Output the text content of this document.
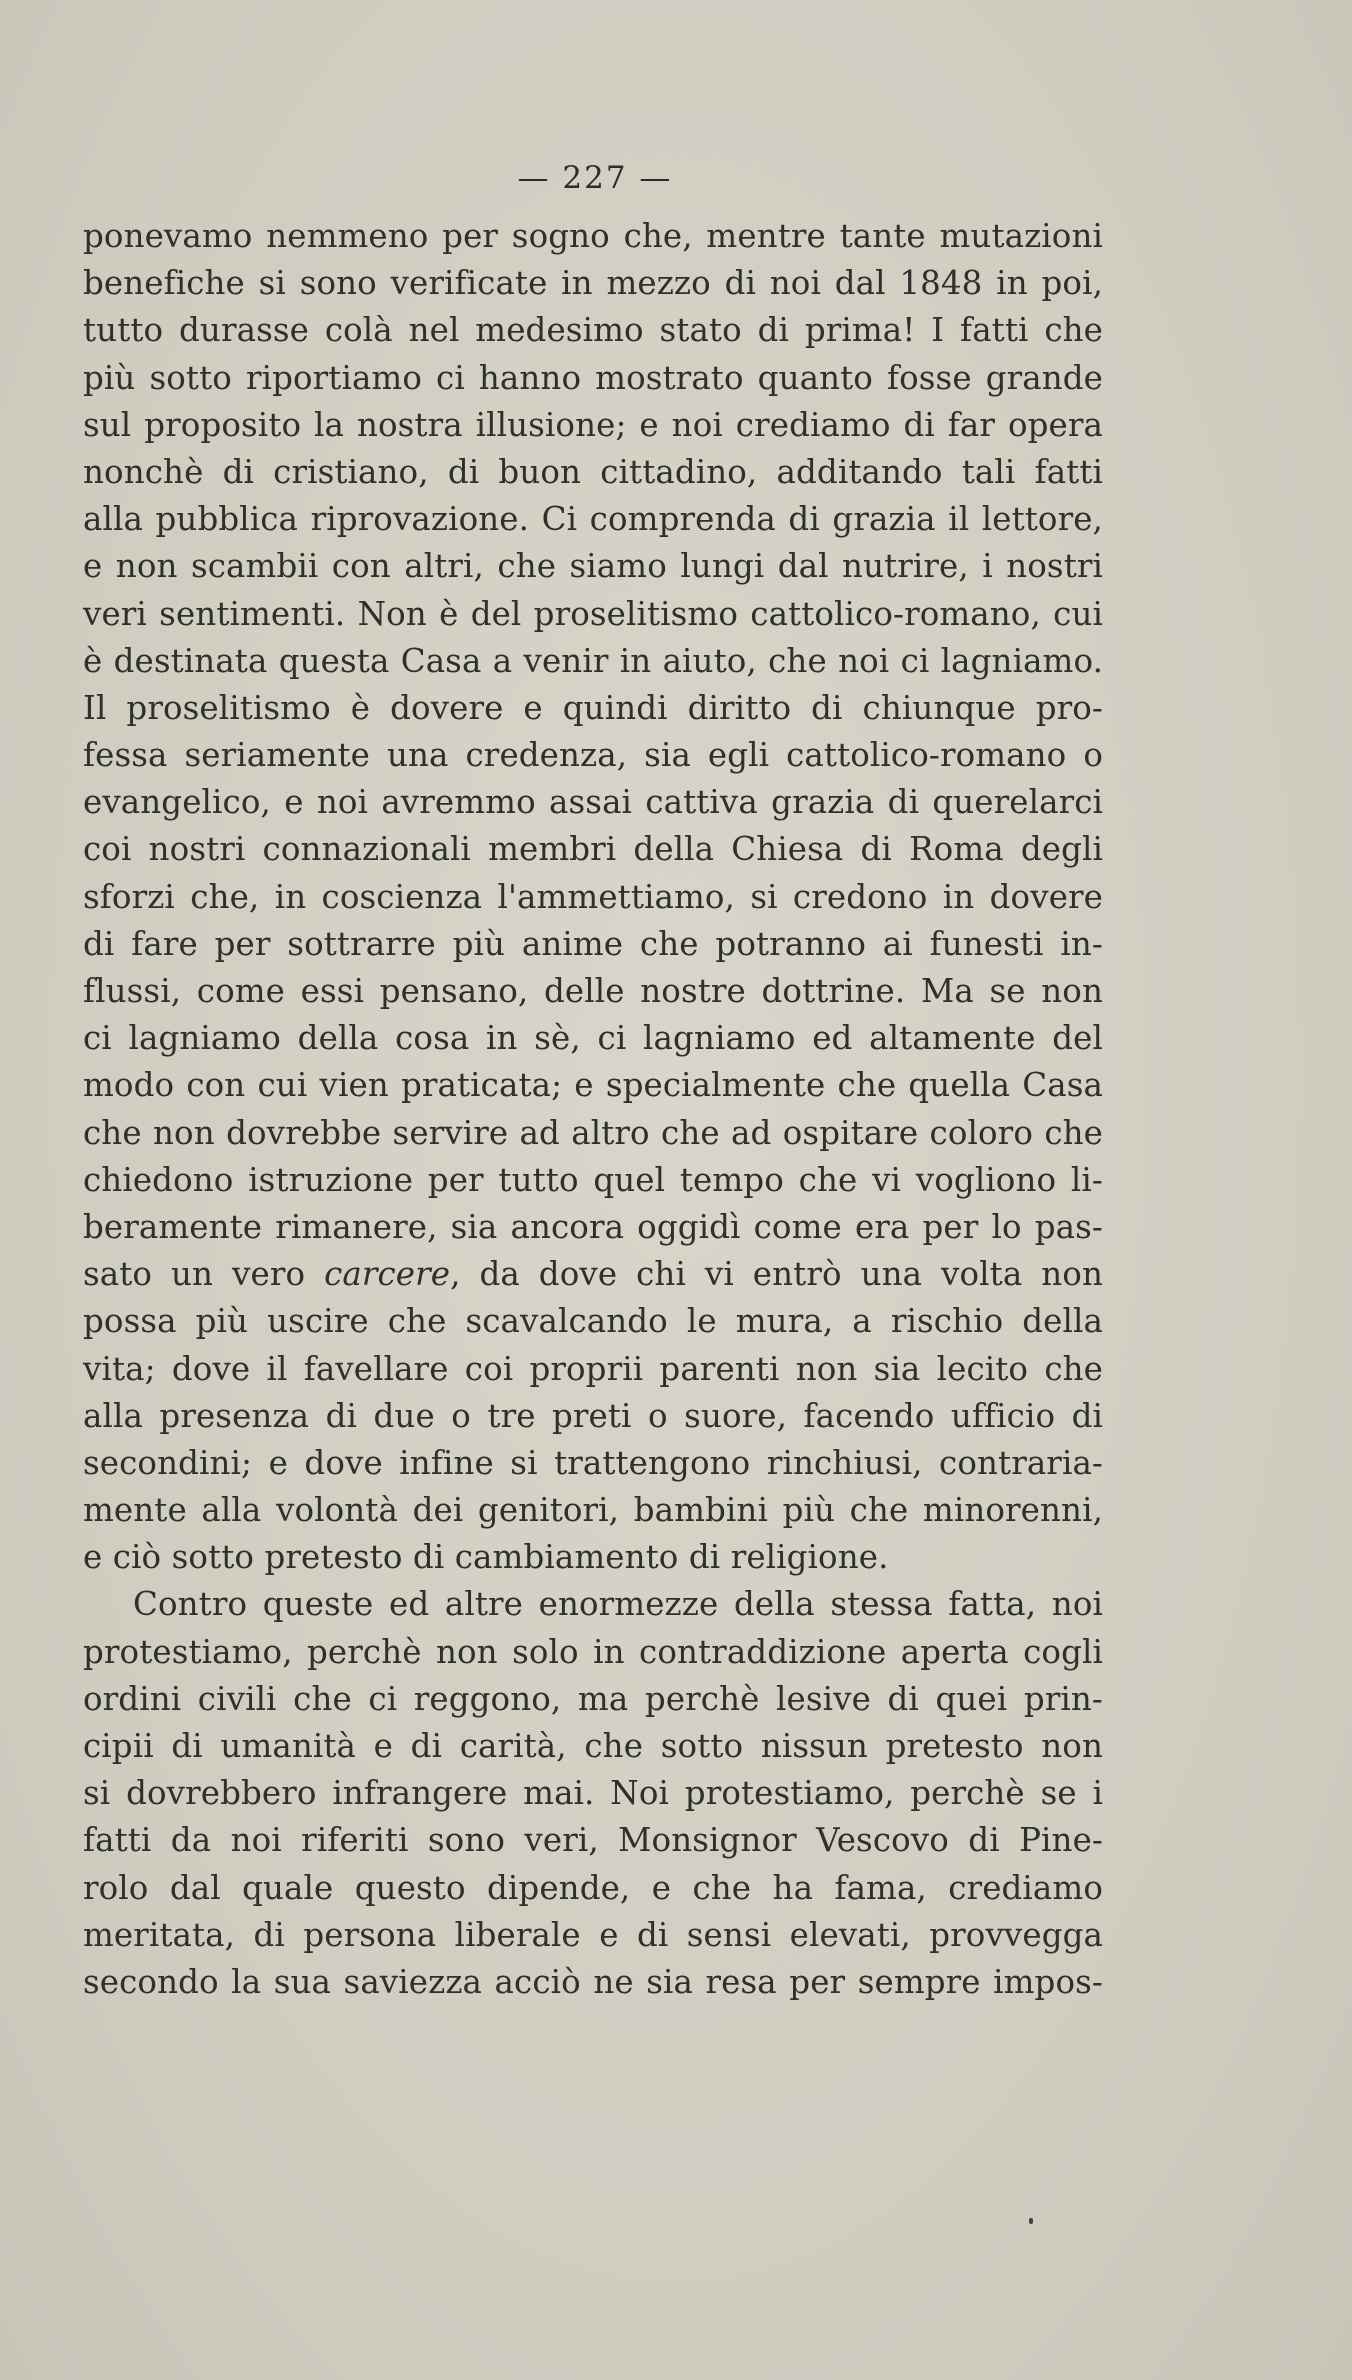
— 227 —
ponevamo nemmeno per sogno che, mentre tante mutazioni
benefiche si sono verificate in mezzo di noi dal 1848 in poi,
tutto durasse colà nel medesimo stato di prima! I fatti che
più sotto riportiamo ci hanno mostrato quanto fosse grande
sul proposito la nostra illusione; e noi crediamo di far opera
nonchè di cristiano, di buon cittadino, additando tali fatti
alla pubblica riprovazione. Ci comprenda di grazia il lettore,
e non scambii con altri, che siamo lungi dal nutrire, i nostri
veri sentimenti. Non è del proselitismo cattolico-romano, cui
è destinata questa Casa a venir in aiuto, che noi ci lagniamo.
Il proselitismo è dovere e quindi diritto di chiunque pro-
fessa seriamente una credenza, sia egli cattolico-romano o
evangelico, e noi avremmo assai cattiva grazia di querelarci
coi nostri connazionali membri della Chiesa di Roma degli
sforzi che, in coscienza l'ammettiamo, si credono in dovere
di fare per sottrarre più anime che potranno ai funesti in-
flussi, come essi pensano, delle nostre dottrine. Ma se non
ci lagniamo della cosa in sè, ci lagniamo ed altamente del
modo con cui vien praticata; e specialmente che quella Casa
che non dovrebbe servire ad altro che ad ospitare coloro che
chiedono istruzione per tutto quel tempo che vi vogliono li-
beramente rimanere, sia ancora oggidì come era per lo pas-
sato un vero carcere, da dove chi vi entrò una volta non
possa più uscire che scavalcando le mura, a rischio della
vita; dove il favellare coi proprii parenti non sia lecito che
alla presenza di due o tre preti o suore, facendo ufficio di
secondini; e dove infine si trattengono rinchiusi, contraria-
mente alla volontà dei genitori, bambini più che minorenni,
e ciò sotto pretesto di cambiamento di religione.
Contro queste ed altre enormezze della stessa fatta, noi
protestiamo, perchè non solo in contraddizione aperta cogli
ordini civili che ci reggono, ma perchè lesive di quei prin-
cipii di umanità e di carità, che sotto nissun pretesto non
si dovrebbero infrangere mai. Noi protestiamo, perchè se i
fatti da noi riferiti sono veri, Monsignor Vescovo di Pine-
rolo dal quale questo dipende, e che ha fama, crediamo
meritata, di persona liberale e di sensi elevati, provvegga
secondo la sua saviezza acciò ne sia resa per sempre impos-
